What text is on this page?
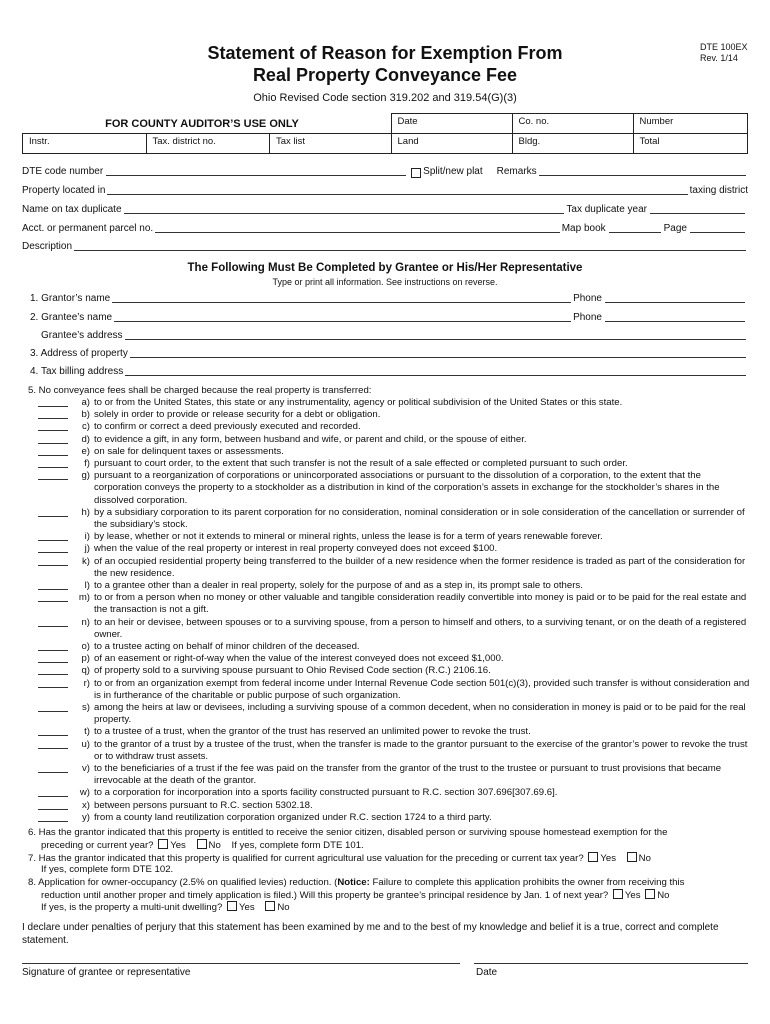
Statement of Reason for Exemption From
Real Property Conveyance Fee
DTE 100EX
Rev. 1/14
Ohio Revised Code section 319.202 and 319.54(G)(3)
FOR COUNTY AUDITOR’S USE ONLY
			Date	Co. no.	Number
Instr.	Tax. district no.	Tax list	Land	Bldg.	Total
DTE code number	Split/new plat Remarks
Property located in	taxing district
Name on tax duplicate	Tax duplicate year
Acct. or permanent parcel no.	Map book	Page
Description
The Following Must Be Completed by Grantee or His/Her Representative
Type or print all information. See instructions on reverse.
1. Grantor’s name	Phone
2. Grantee’s name	Phone
Grantee’s address
3. Address of property
4. Tax billing address
5. No conveyance fees shall be charged because the real property is transferred:
a) to or from the United States, this state or any instrumentality, agency or political subdivision of the United States or this state.
b) solely in order to provide or release security for a debt or obligation.
c) to confirm or correct a deed previously executed and recorded.
d) to evidence a gift, in any form, between husband and wife, or parent and child, or the spouse of either.
e) on sale for delinquent taxes or assessments.
f) pursuant to court order, to the extent that such transfer is not the result of a sale effected or completed pursuant to such order.
g) pursuant to a reorganization of corporations or unincorporated associations or pursuant to the dissolution of a corporation, to the extent that the corporation conveys the property to a stockholder as a distribution in kind of the corporation’s assets in exchange for the stockholder’s shares in the dissolved corporation.
h) by a subsidiary corporation to its parent corporation for no consideration, nominal consideration or in sole consideration of the cancellation or surrender of the subsidiary’s stock.
i) by lease, whether or not it extends to mineral or mineral rights, unless the lease is for a term of years renewable forever.
j) when the value of the real property or interest in real property conveyed does not exceed $100.
k) of an occupied residential property being transferred to the builder of a new residence when the former residence is traded as part of the consideration for the new residence.
l) to a grantee other than a dealer in real property, solely for the purpose of and as a step in, its prompt sale to others.
m) to or from a person when no money or other valuable and tangible consideration readily convertible into money is paid or to be paid for the real estate and the transaction is not a gift.
n) to an heir or devisee, between spouses or to a surviving spouse, from a person to himself and others, to a surviving tenant, or on the death of a registered owner.
o) to a trustee acting on behalf of minor children of the deceased.
p) of an easement or right-of-way when the value of the interest conveyed does not exceed $1,000.
q) of property sold to a surviving spouse pursuant to Ohio Revised Code section (R.C.) 2106.16.
r) to or from an organization exempt from federal income under Internal Revenue Code section 501(c)(3), provided such transfer is without consideration and is in furtherance of the charitable or public purpose of such organization.
s) among the heirs at law or devisees, including a surviving spouse of a common decedent, when no consideration in money is paid or to be paid for the real property.
t) to a trustee of a trust, when the grantor of the trust has reserved an unlimited power to revoke the trust.
u) to the grantor of a trust by a trustee of the trust, when the transfer is made to the grantor pursuant to the exercise of the grantor’s power to revoke the trust or to withdraw trust assets.
v) to the beneficiaries of a trust if the fee was paid on the transfer from the grantor of the trust to the trustee or pursuant to trust provisions that became irrevocable at the death of the grantor.
w) to a corporation for incorporation into a sports facility constructed pursuant to R.C. section 307.696[307.69.6].
x) between persons pursuant to R.C. section 5302.18.
y) from a county land reutilization corporation organized under R.C. section 1724 to a third party.
6. Has the grantor indicated that this property is entitled to receive the senior citizen, disabled person or surviving spouse homestead exemption for the
preceding or current year? Yes No If yes, complete form DTE 101.
7. Has the grantor indicated that this property is qualified for current agricultural use valuation for the preceding or current tax year? Yes No
If yes, complete form DTE 102.
8. Application for owner-occupancy (2.5% on qualified levies) reduction. (Notice: Failure to complete this application prohibits the owner from receiving this
reduction until another proper and timely application is filed.) Will this property be grantee’s principal residence by Jan. 1 of next year? Yes No
If yes, is the property a multi-unit dwelling? Yes No
I declare under penalties of perjury that this statement has been examined by me and to the best of my knowledge and belief it is a true, correct and complete statement.
Signature of grantee or representative	Date
